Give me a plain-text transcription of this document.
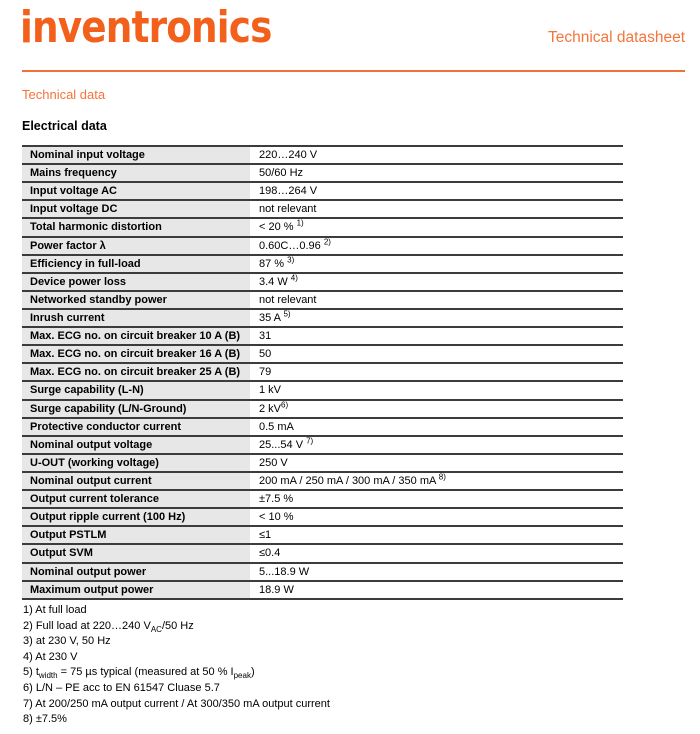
inventronics	Technical datasheet
Technical data
Electrical data
Nominal input voltage	220…240 V
Mains frequency	50/60 Hz
Input voltage AC	198…264 V
Input voltage DC	not relevant
Total harmonic distortion	< 20 % $^{1)}$
Power factor λ	0.60C…0.96 $^{2)}$
Efficiency in full-load	87 % $^{3)}$
Device power loss	3.4 W $^{4)}$
Networked standby power	not relevant
Inrush current	35 A $^{5)}$
Max. ECG no. on circuit breaker 10 A (B)	31
Max. ECG no. on circuit breaker 16 A (B)	50
Max. ECG no. on circuit breaker 25 A (B)	79
Surge capability (L-N)	1 kV
Surge capability (L/N-Ground)	2 kV$^{6)}$
Protective conductor current	0.5 mA
Nominal output voltage	25...54 V $^{7)}$
U-OUT (working voltage)	250 V
Nominal output current	200 mA / 250 mA / 300 mA / 350 mA $^{8)}$
Output current tolerance	±7.5 %
Output ripple current (100 Hz)	< 10 %
Output PSTLM	≤1
Output SVM	≤0.4
Nominal output power	5...18.9 W
Maximum output power	18.9 W
1) At full load
2) Full load at 220…240 $V_{AC}/50$ Hz
3) at 230 V, 50 Hz
4) At 230 V
5) $t_{width} = 75$ µs typical (measured at 50 % $I_{peak}$)
6) L/N – PE acc to EN 61547 Cluase 5.7
7) At 200/250 mA output current / At 300/350 mA output current
8) ±7.5%
